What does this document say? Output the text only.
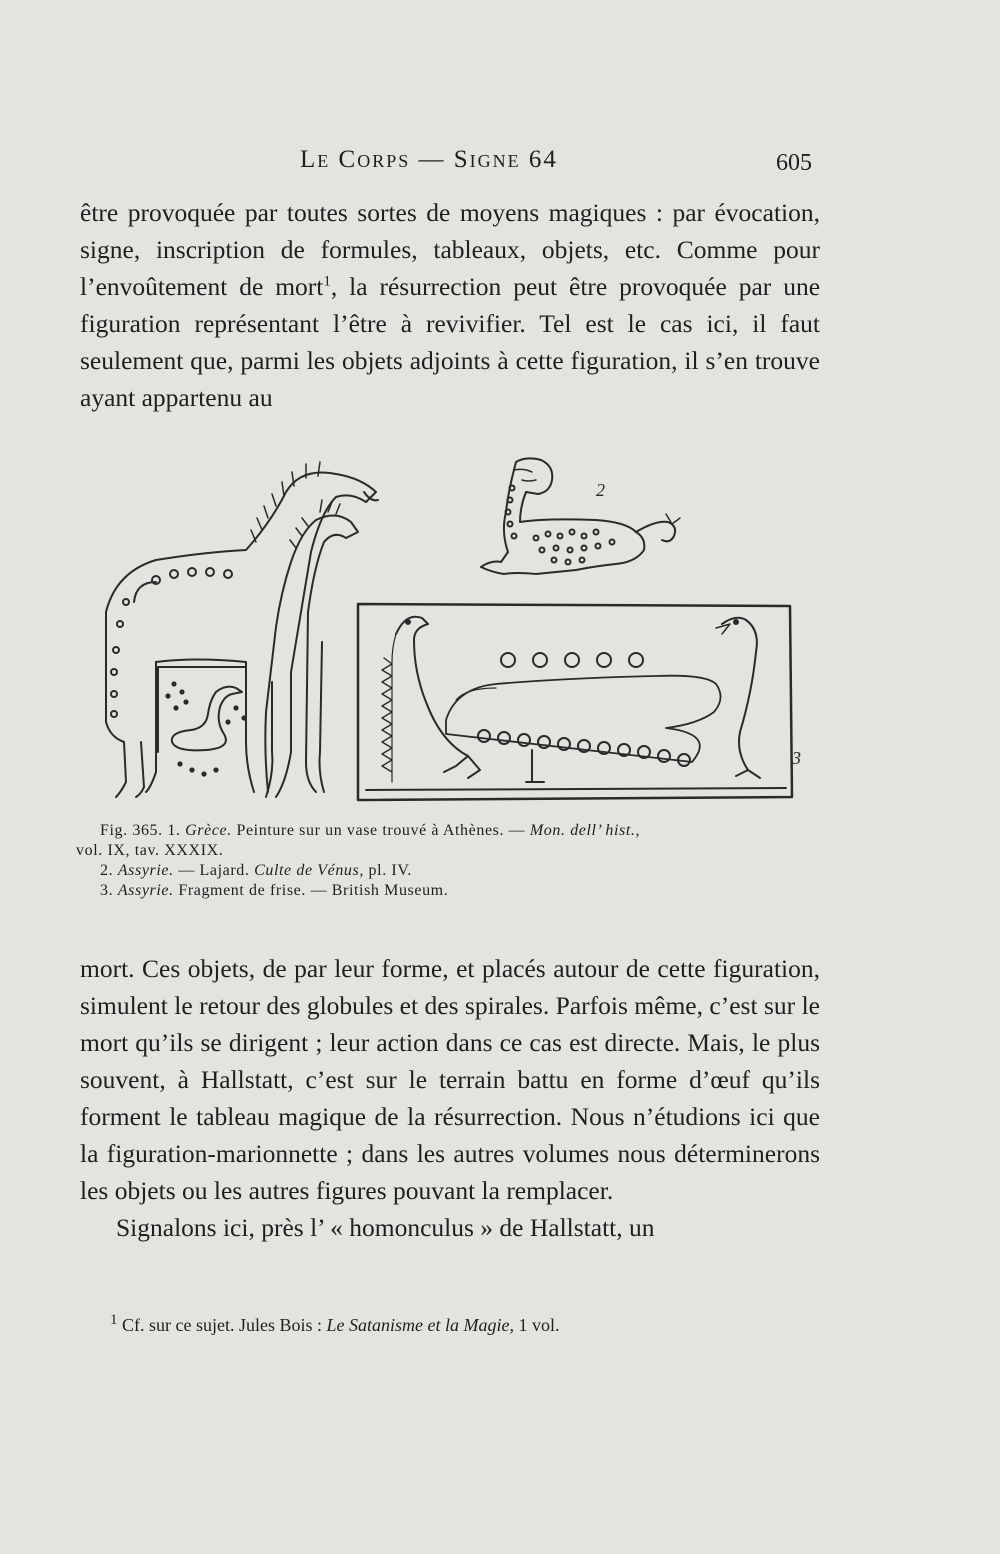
Le Corps — Signe 64	605

être provoquée par toutes sortes de moyens magiques : par évocation, signe, inscription de formules, tableaux, objets, etc. Comme pour l’envoûtement de mort$^1$, la résurrection peut être provoquée par une figuration représentant l’être à revivifier. Tel est le cas ici, il faut seulement que, parmi les objets adjoints à cette figuration, il s’en trouve ayant appartenu au

2
3

Fig. 365. 1. Grèce. Peinture sur un vase trouvé à Athènes. — Mon. dell’ hist.,

vol. IX, tav. XXXIX.

2. Assyrie. — Lajard. Culte de Vénus, pl. IV.

3. Assyrie. Fragment de frise. — British Museum.

mort. Ces objets, de par leur forme, et placés autour de cette figuration, simulent le retour des globules et des spirales. Parfois même, c’est sur le mort qu’ils se dirigent ; leur action dans ce cas est directe. Mais, le plus souvent, à Hallstatt, c’est sur le terrain battu en forme d’œuf qu’ils forment le tableau magique de la résurrection. Nous n’étudions ici que la figuration-marionnette ; dans les autres volumes nous déterminerons les objets ou les autres figures pouvant la remplacer.

Signalons ici, près l’ « homonculus » de Hallstatt, un

$^1$ Cf. sur ce sujet. Jules Bois : Le Satanisme et la Magie, 1 vol.
